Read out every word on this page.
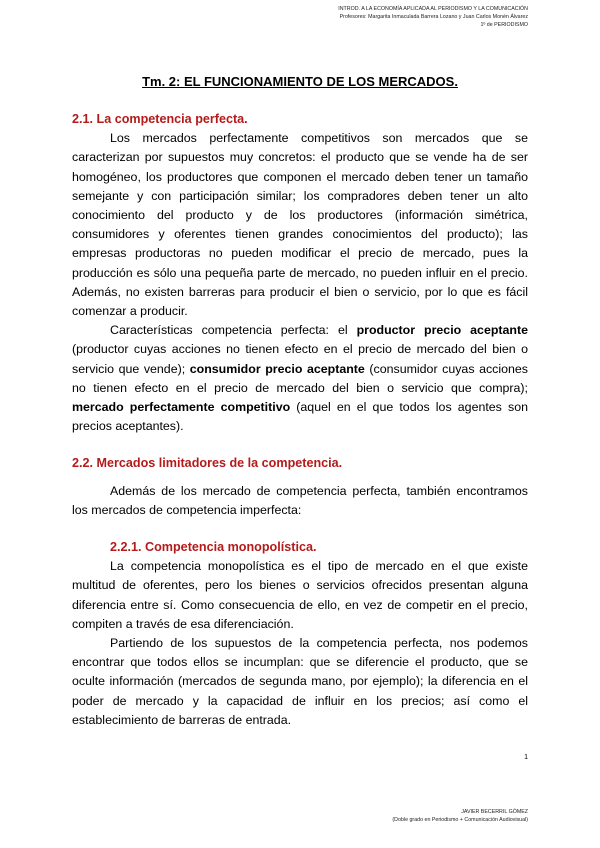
INTROD. A LA ECONOMÍA APLICADA AL PERIODISMO Y LA COMUNICACIÓN
Profesores: Margarita Inmaculada Barrera Lozano y Juan Carlos Monén Álvarez
1º de PERIODISMO
Tm. 2: EL FUNCIONAMIENTO DE LOS MERCADOS.
2.1. La competencia perfecta.

Los mercados perfectamente competitivos son mercados que se caracterizan por supuestos muy concretos: el producto que se vende ha de ser homogéneo, los productores que componen el mercado deben tener un tamaño semejante y con participación similar; los compradores deben tener un alto conocimiento del producto y de los productores (información simétrica, consumidores y oferentes tienen grandes conocimientos del producto); las empresas productoras no pueden modificar el precio de mercado, pues la producción es sólo una pequeña parte de mercado, no pueden influir en el precio. Además, no existen barreras para producir el bien o servicio, por lo que es fácil comenzar a producir.

Características competencia perfecta: el productor precio aceptante (productor cuyas acciones no tienen efecto en el precio de mercado del bien o servicio que vende); consumidor precio aceptante (consumidor cuyas acciones no tienen efecto en el precio de mercado del bien o servicio que compra); mercado perfectamente competitivo (aquel en el que todos los agentes son precios aceptantes).

2.2. Mercados limitadores de la competencia.

Además de los mercado de competencia perfecta, también encontramos los mercados de competencia imperfecta:

2.2.1. Competencia monopolística.

La competencia monopolística es el tipo de mercado en el que existe multitud de oferentes, pero los bienes o servicios ofrecidos presentan alguna diferencia entre sí. Como consecuencia de ello, en vez de competir en el precio, compiten a través de esa diferenciación.

Partiendo de los supuestos de la competencia perfecta, nos podemos encontrar que todos ellos se incumplan: que se diferencie el producto, que se oculte información (mercados de segunda mano, por ejemplo); la diferencia en el poder de mercado y la capacidad de influir en los precios; así como el establecimiento de barreras de entrada.

1
JAVIER BECERRIL GÓMEZ
(Doble grado en Periodismo + Comunicación Audiovisual)
